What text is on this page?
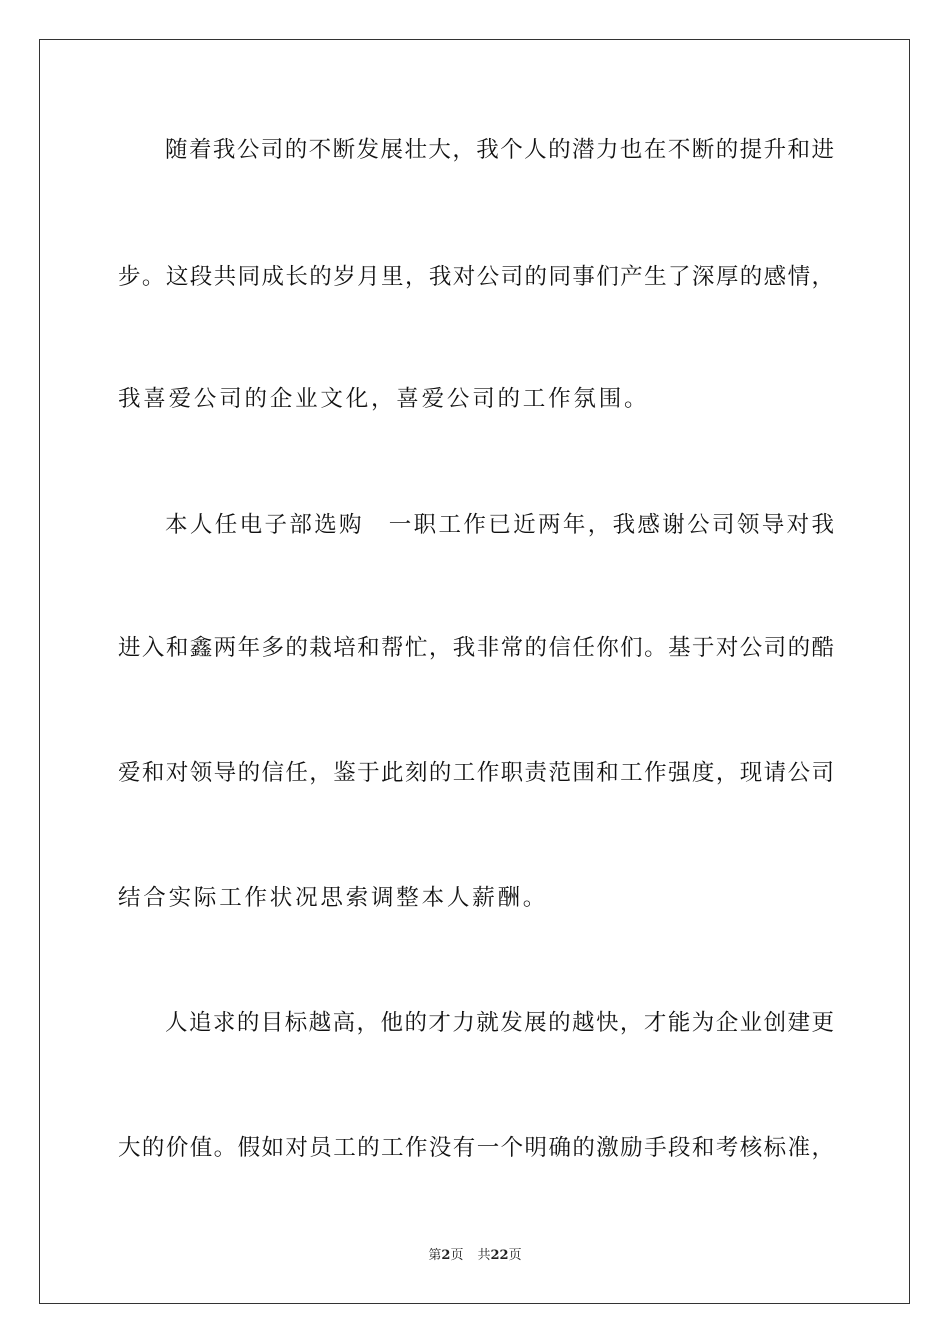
随着我公司的不断发展壮大，我个人的潜力也在不断的提升和进
步。这段共同成长的岁月里，我对公司的同事们产生了深厚的感情，
我喜爱公司的企业文化，喜爱公司的工作氛围。
本人任电子部选购　一职工作已近两年，我感谢公司领导对我
进入和鑫两年多的栽培和帮忙，我非常的信任你们。基于对公司的酷
爱和对领导的信任，鉴于此刻的工作职责范围和工作强度，现请公司
结合实际工作状况思索调整本人薪酬。
人追求的目标越高，他的才力就发展的越快，才能为企业创建更
大的价值。假如对员工的工作没有一个明确的激励手段和考核标准，
第2页 共22页
